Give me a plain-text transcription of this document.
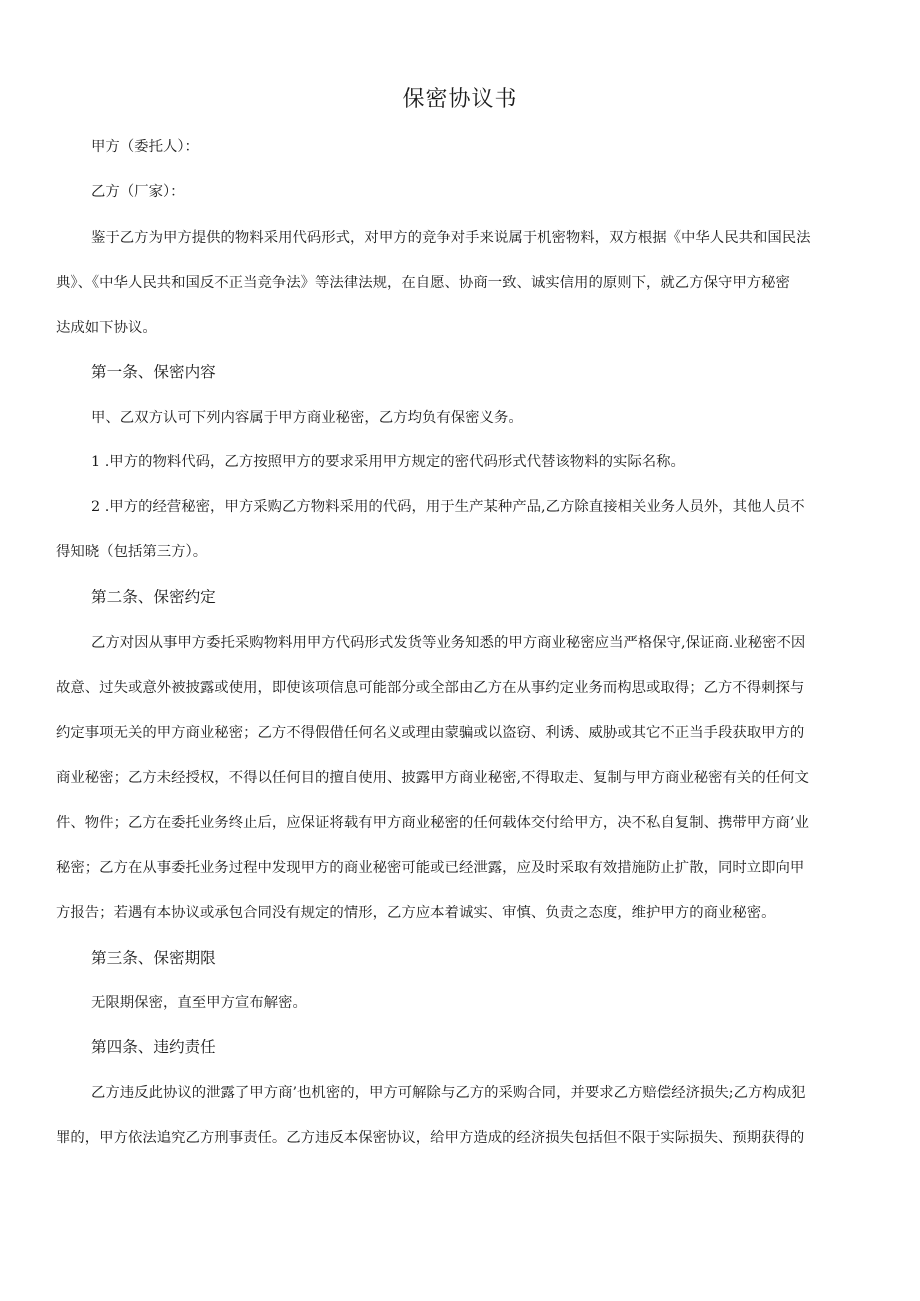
保密协议书

甲方（委托人）：

乙方（厂家）：

鉴于乙方为甲方提供的物料采用代码形式，对甲方的竞争对手来说属于机密物料，双方根据《中华人民共和国民法

典》、《中华人民共和国反不正当竞争法》等法律法规，在自愿、协商一致、诚实信用的原则下，就乙方保守甲方秘密

达成如下协议。

第一条、保密内容

甲、乙双方认可下列内容属于甲方商业秘密，乙方均负有保密义务。

1 .甲方的物料代码，乙方按照甲方的要求采用甲方规定的密代码形式代替该物料的实际名称。

2 .甲方的经营秘密，甲方采购乙方物料采用的代码，用于生产某种产品,乙方除直接相关业务人员外，其他人员不

得知晓（包括第三方）。

第二条、保密约定

乙方对因从事甲方委托采购物料用甲方代码形式发货等业务知悉的甲方商业秘密应当严格保守,保证商.业秘密不因

故意、过失或意外被披露或使用，即使该项信息可能部分或全部由乙方在从事约定业务而构思或取得；乙方不得刺探与

约定事项无关的甲方商业秘密；乙方不得假借任何名义或理由蒙骗或以盗窃、利诱、威胁或其它不正当手段获取甲方的

商业秘密；乙方未经授权，不得以任何目的擅自使用、披露甲方商业秘密,不得取走、复制与甲方商业秘密有关的任何文

件、物件；乙方在委托业务终止后，应保证将载有甲方商业秘密的任何载体交付给甲方，决不私自复制、携带甲方商’业

秘密；乙方在从事委托业务过程中发现甲方的商业秘密可能或已经泄露，应及时采取有效措施防止扩散，同时立即向甲

方报告；若遇有本协议或承包合同没有规定的情形，乙方应本着诚实、审慎、负责之态度，维护甲方的商业秘密。

第三条、保密期限

无限期保密，直至甲方宣布解密。

第四条、违约责任

乙方违反此协议的泄露了甲方商’也机密的，甲方可解除与乙方的采购合同，并要求乙方赔偿经济损失;乙方构成犯

罪的，甲方依法追究乙方刑事责任。乙方违反本保密协议，给甲方造成的经济损失包括但不限于实际损失、预期获得的
